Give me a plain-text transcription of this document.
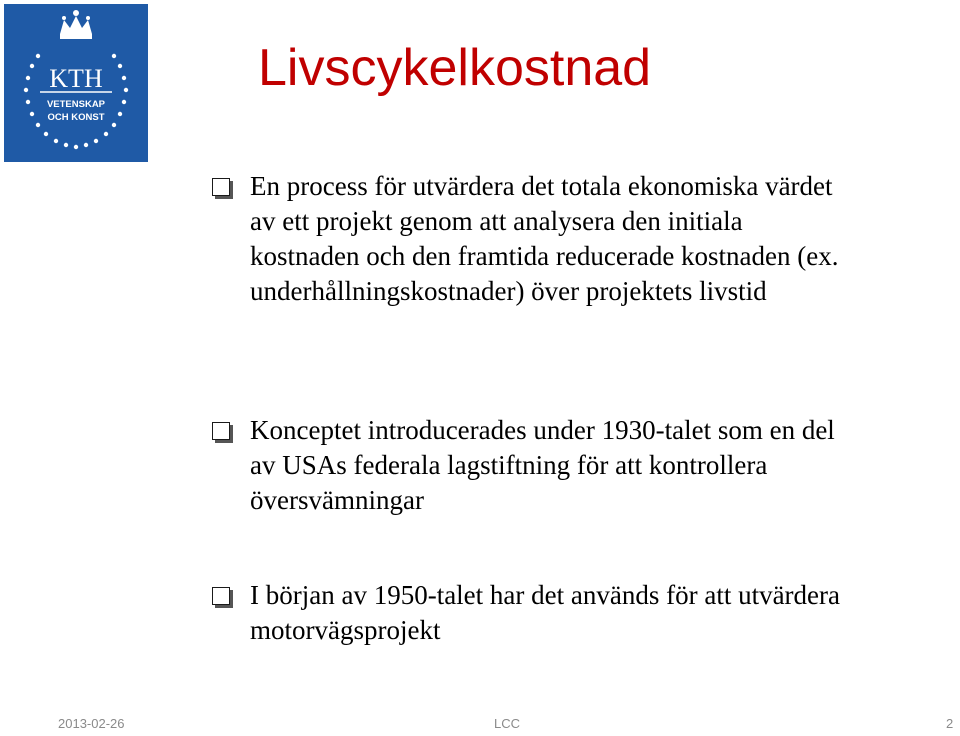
KTH
VETENSKAP
OCH KONST
Livscykelkostnad
En process för utvärdera det totala ekonomiska värdet av ett projekt genom att analysera den initiala kostnaden och den framtida reducerade kostnaden (ex. underhållningskostnader) över projektets livstid
Konceptet introducerades under 1930-talet som en del av USAs federala lagstiftning för att kontrollera översvämningar
I början av 1950-talet har det används för att utvärdera motorvägsprojekt
2013-02-26	LCC	2
